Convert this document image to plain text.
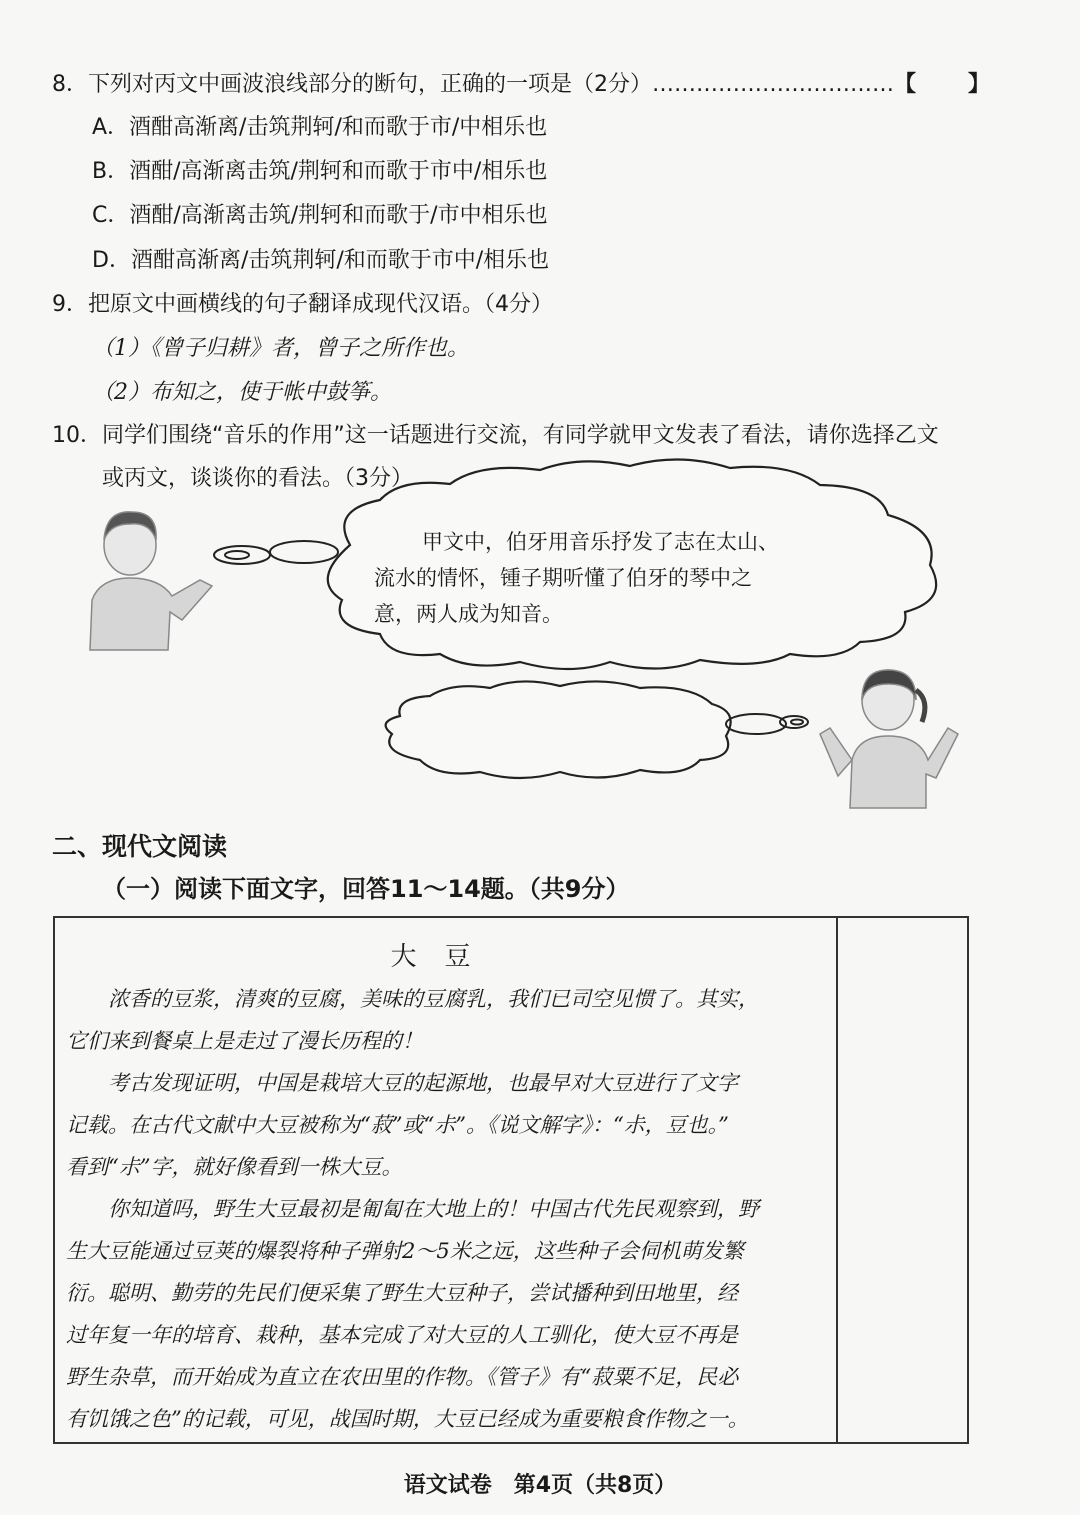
8．下列对丙文中画波浪线部分的断句，正确的一项是（2分）……………………………【 】
A．酒酣高渐离/击筑荆轲/和而歌于市/中相乐也
B．酒酣/高渐离击筑/荆轲和而歌于市中/相乐也
C．酒酣/高渐离击筑/荆轲和而歌于/市中相乐也
D．酒酣高渐离/击筑荆轲/和而歌于市中/相乐也
9．把原文中画横线的句子翻译成现代汉语。（4分）
（1）《曾子归耕》者，曾子之所作也。
（2）布知之，使于帐中鼓筝。
10．同学们围绕“音乐的作用”这一话题进行交流，有同学就甲文发表了看法，请你选择乙文
或丙文，谈谈你的看法。（3分）
甲文中，伯牙用音乐抒发了志在太山、
流水的情怀，锺子期听懂了伯牙的琴中之
意，两人成为知音。
二、现代文阅读
（一）阅读下面文字，回答11～14题。（共9分）
大豆

浓香的豆浆，清爽的豆腐，美味的豆腐乳，我们已司空见惯了。其实，

它们来到餐桌上是走过了漫长历程的！

考古发现证明，中国是栽培大豆的起源地，也最早对大豆进行了文字

记载。在古代文献中大豆被称为“菽”或“尗”。《说文解字》：“尗，豆也。”

看到“尗”字，就好像看到一株大豆。

你知道吗，野生大豆最初是匍匐在大地上的！中国古代先民观察到，野

生大豆能通过豆荚的爆裂将种子弹射2～5米之远，这些种子会伺机萌发繁

衍。聪明、勤劳的先民们便采集了野生大豆种子，尝试播种到田地里，经

过年复一年的培育、栽种，基本完成了对大豆的人工驯化，使大豆不再是

野生杂草，而开始成为直立在农田里的作物。《管子》有“菽粟不足，民必

有饥饿之色”的记载，可见，战国时期，大豆已经成为重要粮食作物之一。

语文试卷　第4页（共8页）
